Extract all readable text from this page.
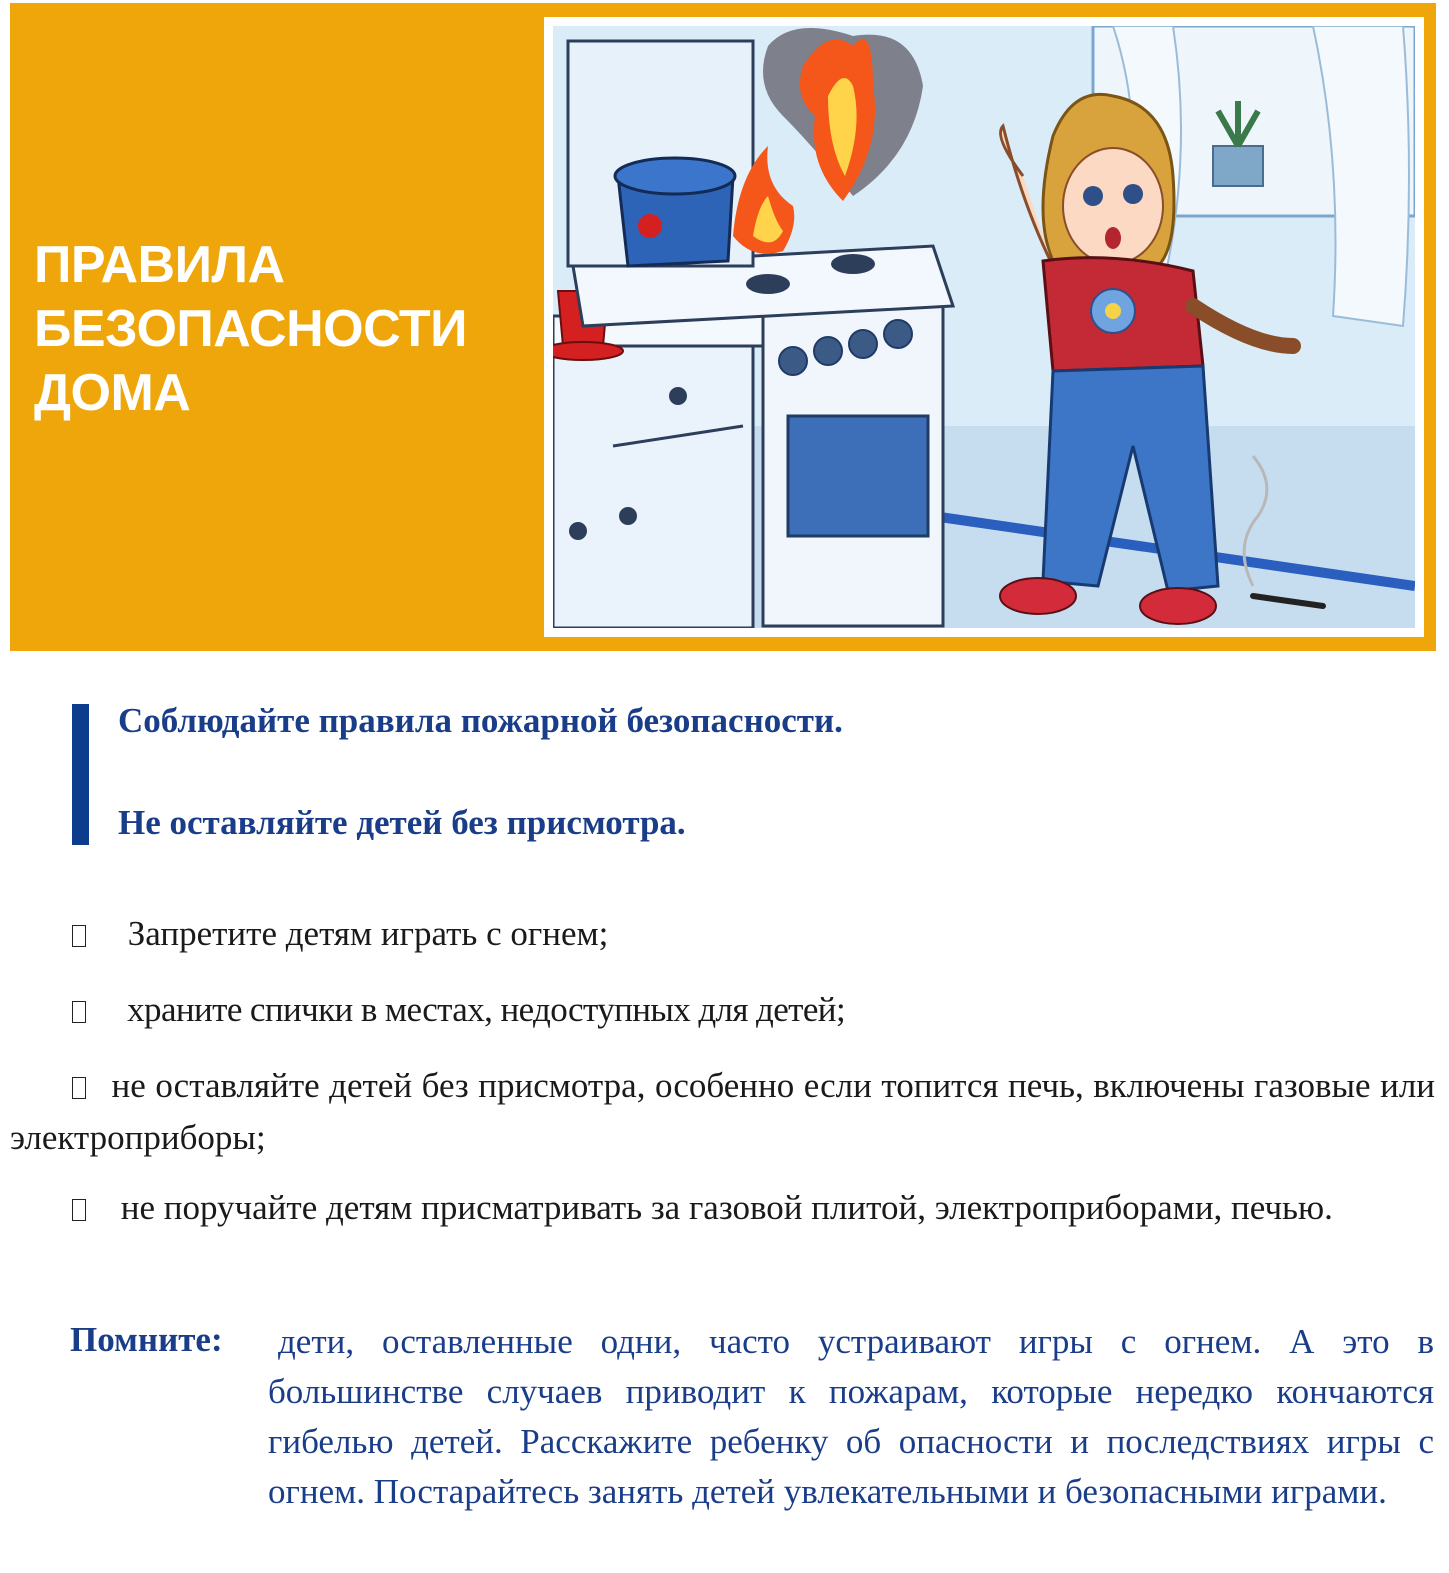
ПРАВИЛА
БЕЗОПАСНОСТИ
ДОМА
Соблюдайте правила пожарной безопасности.
Не оставляйте детей без присмотра.
Запретите детям играть с огнем;
храните спички в местах, недоступных для детей;
не оставляйте детей без присмотра, особенно если топится печь, включены газовые или электроприборы;
не поручайте детям присматривать за газовой плитой, электроприборами, печью.
Помните: дети, оставленные одни, часто устраивают игры с огнем. А это в большинстве случаев приводит к пожарам, которые нередко кончаются гибелью детей. Расскажите ребенку об опасности и последствиях игры с огнем. Постарайтесь занять детей увлекательными и безопасными играми.
